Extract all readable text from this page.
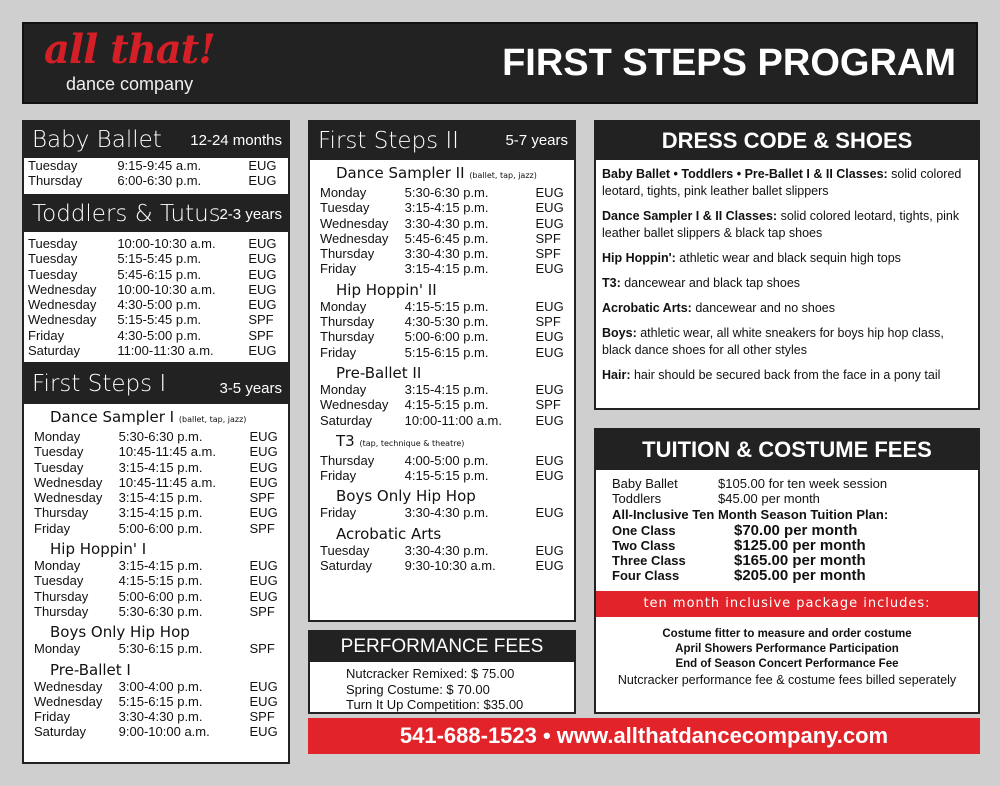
all that!
dance company	FIRST STEPS PROGRAM
Baby Ballet 12-24 months
Tuesday	9:15-9:45 a.m.	EUG
Thursday	6:00-6:30 p.m.	EUG
Toddlers & Tutus
2-3 years
Tuesday	10:00-10:30 a.m.	EUG
Tuesday	5:15-5:45 p.m.	EUG
Tuesday	5:45-6:15 p.m.	EUG
Wednesday	10:00-10:30 a.m.	EUG
Wednesday	4:30-5:00 p.m.	EUG
Wednesday	5:15-5:45 p.m.	SPF
Friday	4:30-5:00 p.m.	SPF
Saturday	11:00-11:30 a.m.	EUG
First Steps I	3-5 years
Dance Sampler I (ballet, tap, jazz)
Monday	5:30-6:30 p.m.	EUG
Tuesday	10:45-11:45 a.m.	EUG
Tuesday	3:15-4:15 p.m.	EUG
Wednesday	10:45-11:45 a.m.	EUG
Wednesday	3:15-4:15 p.m.	SPF
Thursday	3:15-4:15 p.m.	EUG
Friday	5:00-6:00 p.m.	SPF
Hip Hoppin' I
Monday	3:15-4:15 p.m.	EUG
Tuesday	4:15-5:15 p.m.	EUG
Thursday	5:00-6:00 p.m.	EUG
Thursday	5:30-6:30 p.m.	SPF
Boys Only Hip Hop
Monday	5:30-6:15 p.m.	SPF
Pre-Ballet I
Wednesday	3:00-4:00 p.m.	EUG
Wednesday	5:15-6:15 p.m.	EUG
Friday	3:30-4:30 p.m.	SPF
Saturday	9:00-10:00 a.m.	EUG
First Steps II	5-7 years
Dance Sampler II (ballet, tap, jazz)
Monday	5:30-6:30 p.m.	EUG
Tuesday	3:15-4:15 p.m.	EUG
Wednesday	3:30-4:30 p.m.	EUG
Wednesday	5:45-6:45 p.m.	SPF
Thursday	3:30-4:30 p.m.	SPF
Friday	3:15-4:15 p.m.	EUG
Hip Hoppin' II
Monday	4:15-5:15 p.m.	EUG
Thursday	4:30-5:30 p.m.	SPF
Thursday	5:00-6:00 p.m.	EUG
Friday	5:15-6:15 p.m.	EUG
Pre-Ballet II
Monday	3:15-4:15 p.m.	EUG
Wednesday	4:15-5:15 p.m.	SPF
Saturday	10:00-11:00 a.m.	EUG
T3 (tap, technique & theatre)
Thursday	4:00-5:00 p.m.	EUG
Friday	4:15-5:15 p.m.	EUG
Boys Only Hip Hop
Friday	3:30-4:30 p.m.	EUG
Acrobatic Arts
Tuesday	3:30-4:30 p.m.	EUG
Saturday	9:30-10:30 a.m.	EUG
PERFORMANCE FEES
Nutcracker Remixed: $ 75.00
Spring Costume: $ 70.00
Turn It Up Competition: $35.00
DRESS CODE & SHOES

Baby Ballet • Toddlers • Pre-Ballet I & II Classes: solid colored leotard, tights, pink leather ballet slippers

Dance Sampler I & II Classes: solid colored leotard, tights, pink leather ballet slippers & black tap shoes

Hip Hoppin': athletic wear and black sequin high tops

T3: dancewear and black tap shoes

Acrobatic Arts: dancewear and no shoes

Boys: athletic wear, all white sneakers for boys hip hop class, black dance shoes for all other styles

Hair: hair should be secured back from the face in a pony tail

TUITION & COSTUME FEES
Baby Ballet	$105.00 for ten week session
Toddlers	$45.00 per month
All-Inclusive Ten Month Season Tuition Plan:
One Class	$70.00 per month
Two Class	$125.00 per month
Three Class	$165.00 per month
Four Class	$205.00 per month
ten month inclusive package includes:
Costume fitter to measure and order costume
April Showers Performance Participation
End of Season Concert Performance Fee
Nutcracker performance fee & costume fees billed seperately
541-688-1523 • www.allthatdancecompany.com
